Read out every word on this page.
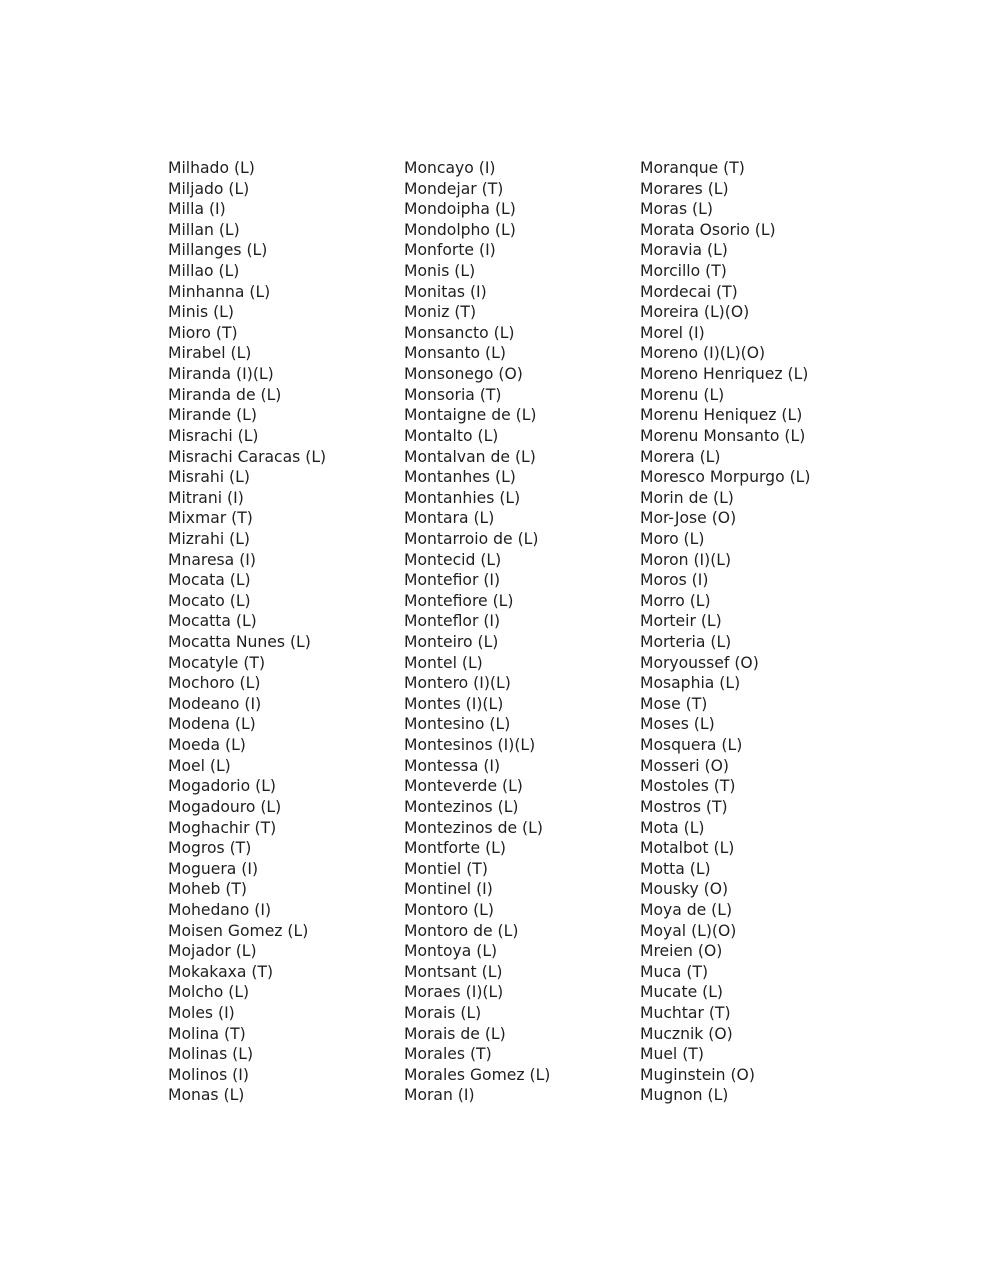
Milhado (L)
Miljado (L)
Milla (I)
Millan (L)
Millanges (L)
Millao (L)
Minhanna (L)
Minis (L)
Mioro (T)
Mirabel (L)
Miranda (I)(L)
Miranda de (L)
Mirande (L)
Misrachi (L)
Misrachi Caracas (L)
Misrahi (L)
Mitrani (I)
Mixmar (T)
Mizrahi (L)
Mnaresa (I)
Mocata (L)
Mocato (L)
Mocatta (L)
Mocatta Nunes (L)
Mocatyle (T)
Mochoro (L)
Modeano (I)
Modena (L)
Moeda (L)
Moel (L)
Mogadorio (L)
Mogadouro (L)
Moghachir (T)
Mogros (T)
Moguera (I)
Moheb (T)
Mohedano (I)
Moisen Gomez (L)
Mojador (L)
Mokakaxa (T)
Molcho (L)
Moles (I)
Molina (T)
Molinas (L)
Molinos (I)
Monas (L)
Moncayo (I)
Mondejar (T)
Mondoipha (L)
Mondolpho (L)
Monforte (I)
Monis (L)
Monitas (I)
Moniz (T)
Monsancto (L)
Monsanto (L)
Monsonego (O)
Monsoria (T)
Montaigne de (L)
Montalto (L)
Montalvan de (L)
Montanhes (L)
Montanhies (L)
Montara (L)
Montarroio de (L)
Montecid (L)
Montefior (I)
Montefiore (L)
Monteflor (I)
Monteiro (L)
Montel (L)
Montero (I)(L)
Montes (I)(L)
Montesino (L)
Montesinos (I)(L)
Montessa (I)
Monteverde (L)
Montezinos (L)
Montezinos de (L)
Montforte (L)
Montiel (T)
Montinel (I)
Montoro (L)
Montoro de (L)
Montoya (L)
Montsant (L)
Moraes (I)(L)
Morais (L)
Morais de (L)
Morales (T)
Morales Gomez (L)
Moran (I)
Moranque (T)
Morares (L)
Moras (L)
Morata Osorio (L)
Moravia (L)
Morcillo (T)
Mordecai (T)
Moreira (L)(O)
Morel (I)
Moreno (I)(L)(O)
Moreno Henriquez (L)
Morenu (L)
Morenu Heniquez (L)
Morenu Monsanto (L)
Morera (L)
Moresco Morpurgo (L)
Morin de (L)
Mor-Jose (O)
Moro (L)
Moron (I)(L)
Moros (I)
Morro (L)
Morteir (L)
Morteria (L)
Moryoussef (O)
Mosaphia (L)
Mose (T)
Moses (L)
Mosquera (L)
Mosseri (O)
Mostoles (T)
Mostros (T)
Mota (L)
Motalbot (L)
Motta (L)
Mousky (O)
Moya de (L)
Moyal (L)(O)
Mreien (O)
Muca (T)
Mucate (L)
Muchtar (T)
Mucznik (O)
Muel (T)
Muginstein (O)
Mugnon (L)
